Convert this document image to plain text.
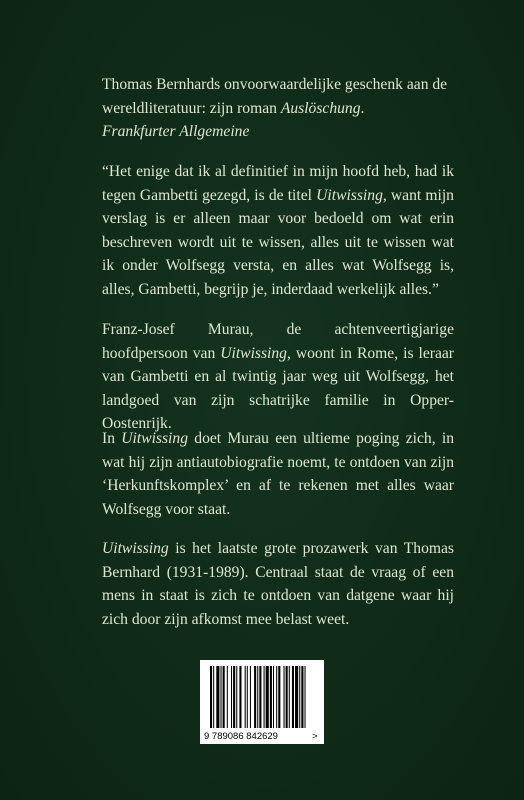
Thomas Bernhards onvoorwaardelijke geschenk aan de

wereldliteratuur: zijn roman Auslöschung.

Frankfurter Allgemeine

“Het enige dat ik al definitief in mijn hoofd heb, had ik tegen Gambetti gezegd, is de titel Uitwissing, want mijn verslag is er alleen maar voor bedoeld om wat erin beschreven wordt uit te wissen, alles uit te wissen wat ik onder Wolfsegg versta, en alles wat Wolfsegg is, alles, Gambetti, begrijp je, inderdaad werkelijk alles.”

Franz-Josef Murau, de achtenveertigjarige hoofdpersoon van Uitwissing, woont in Rome, is leraar van Gambetti en al twintig jaar weg uit Wolfsegg, het landgoed van zijn schatrijke familie in Opper-Oostenrijk.

In Uitwissing doet Murau een ultieme poging zich, in wat hij zijn antiautobiografie noemt, te ontdoen van zijn ‘Herkunftskomplex’ en af te rekenen met alles waar Wolfsegg voor staat.

Uitwissing is het laatste grote prozawerk van Thomas Bernhard (1931-1989). Centraal staat de vraag of een mens in staat is zich te ontdoen van datgene waar hij zich door zijn afkomst mee belast weet.

9 789086 842629	>
